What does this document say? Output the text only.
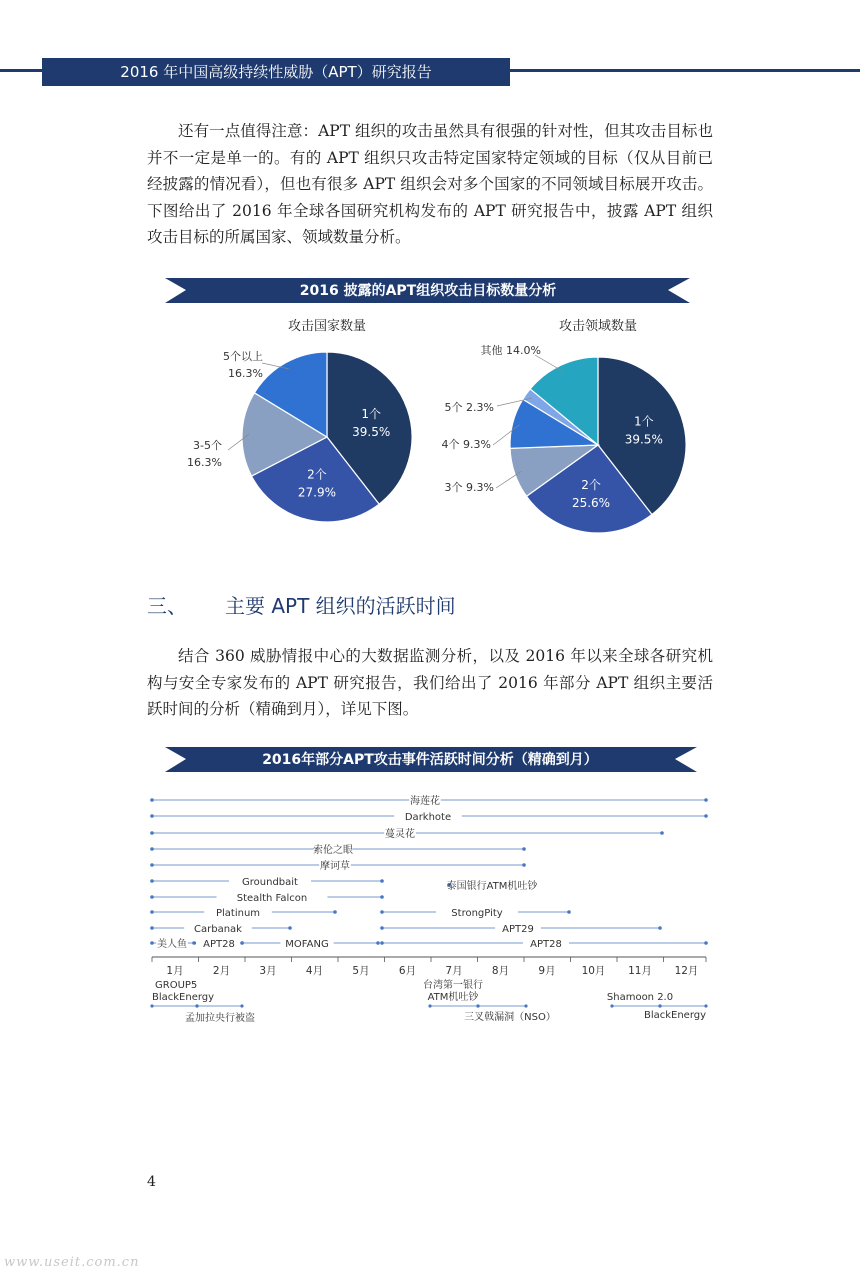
2016 年中国高级持续性威胁（APT）研究报告

还有一点值得注意：APT 组织的攻击虽然具有很强的针对性，但其攻击目标也并不一定是单一的。有的 APT 组织只攻击特定国家特定领域的目标（仅从目前已经披露的情况看），但也有很多 APT 组织会对多个国家的不同领域目标展开攻击。下图给出了 2016 年全球各国研究机构发布的 APT 研究报告中，披露 APT 组织攻击目标的所属国家、领域数量分析。

2016 披露的APT组织攻击目标数量分析
攻击国家数量
1个
39.5%
2个
27.9%
3-5个
16.3%
5个以上
16.3%
攻击领域数量
1个
39.5%
2个
25.6%
3个 9.3%
4个 9.3%
5个 2.3%
其他 14.0%
三、 主要 APT 组织的活跃时间

结合 360 威胁情报中心的大数据监测分析，以及 2016 年以来全球各研究机构与安全专家发布的 APT 研究报告，我们给出了 2016 年部分 APT 组织主要活跃时间的分析（精确到月），详见下图。

2016年部分APT攻击事件活跃时间分析（精确到月）
海莲花
Darkhote
蔓灵花
索伦之眼
摩诃草
Groundbait	泰国银行ATM机吐钞
Stealth Falcon
Platinum	StrongPity
Carbanak	APT29
美人鱼 APT28	MOFANG	APT28
1月	2月	3月	4月	5月	6月	7月	8月	9月 10月 11月 12月
GROUP5
BlackEnergy
孟加拉央行被盗
台湾第一银行
ATM机吐钞
三叉戟漏洞（NSO）
Shamoon 2.0
BlackEnergy
4
www.useit.com.cn
